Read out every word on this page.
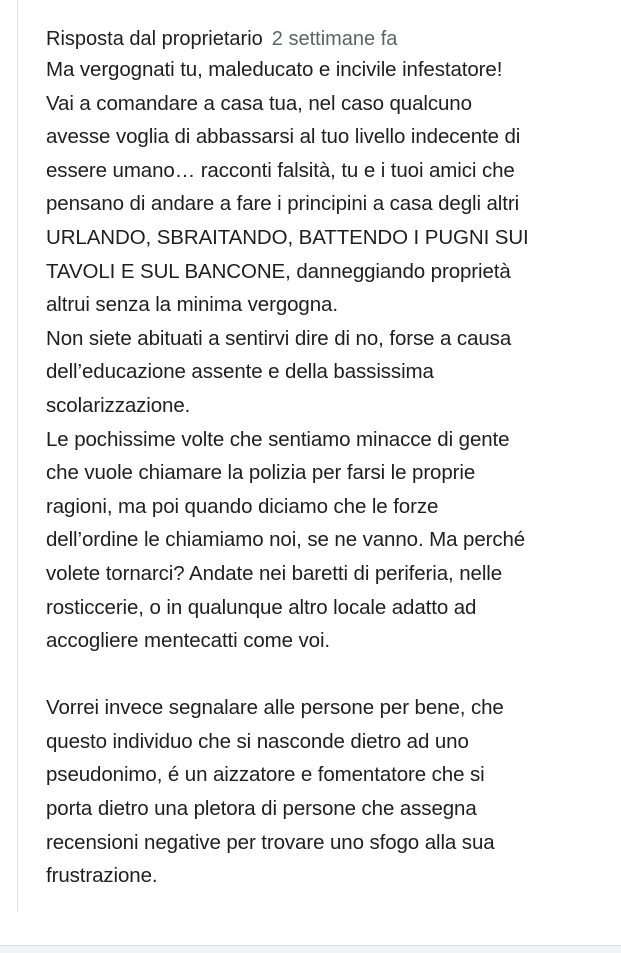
Risposta dal proprietario 2 settimane fa
Ma vergognati tu, maleducato e incivile infestatore!
Vai a comandare a casa tua, nel caso qualcuno
avesse voglia di abbassarsi al tuo livello indecente di
essere umano… racconti falsità, tu e i tuoi amici che
pensano di andare a fare i principini a casa degli altri
URLANDO, SBRAITANDO, BATTENDO I PUGNI SUI
TAVOLI E SUL BANCONE, danneggiando proprietà
altrui senza la minima vergogna.
Non siete abituati a sentirvi dire di no, forse a causa
dell’educazione assente e della bassissima
scolarizzazione.
Le pochissime volte che sentiamo minacce di gente
che vuole chiamare la polizia per farsi le proprie
ragioni, ma poi quando diciamo che le forze
dell’ordine le chiamiamo noi, se ne vanno. Ma perché
volete tornarci? Andate nei baretti di periferia, nelle
rosticcerie, o in qualunque altro locale adatto ad
accogliere mentecatti come voi.
Vorrei invece segnalare alle persone per bene, che
questo individuo che si nasconde dietro ad uno
pseudonimo, é un aizzatore e fomentatore che si
porta dietro una pletora di persone che assegna
recensioni negative per trovare uno sfogo alla sua
frustrazione.
